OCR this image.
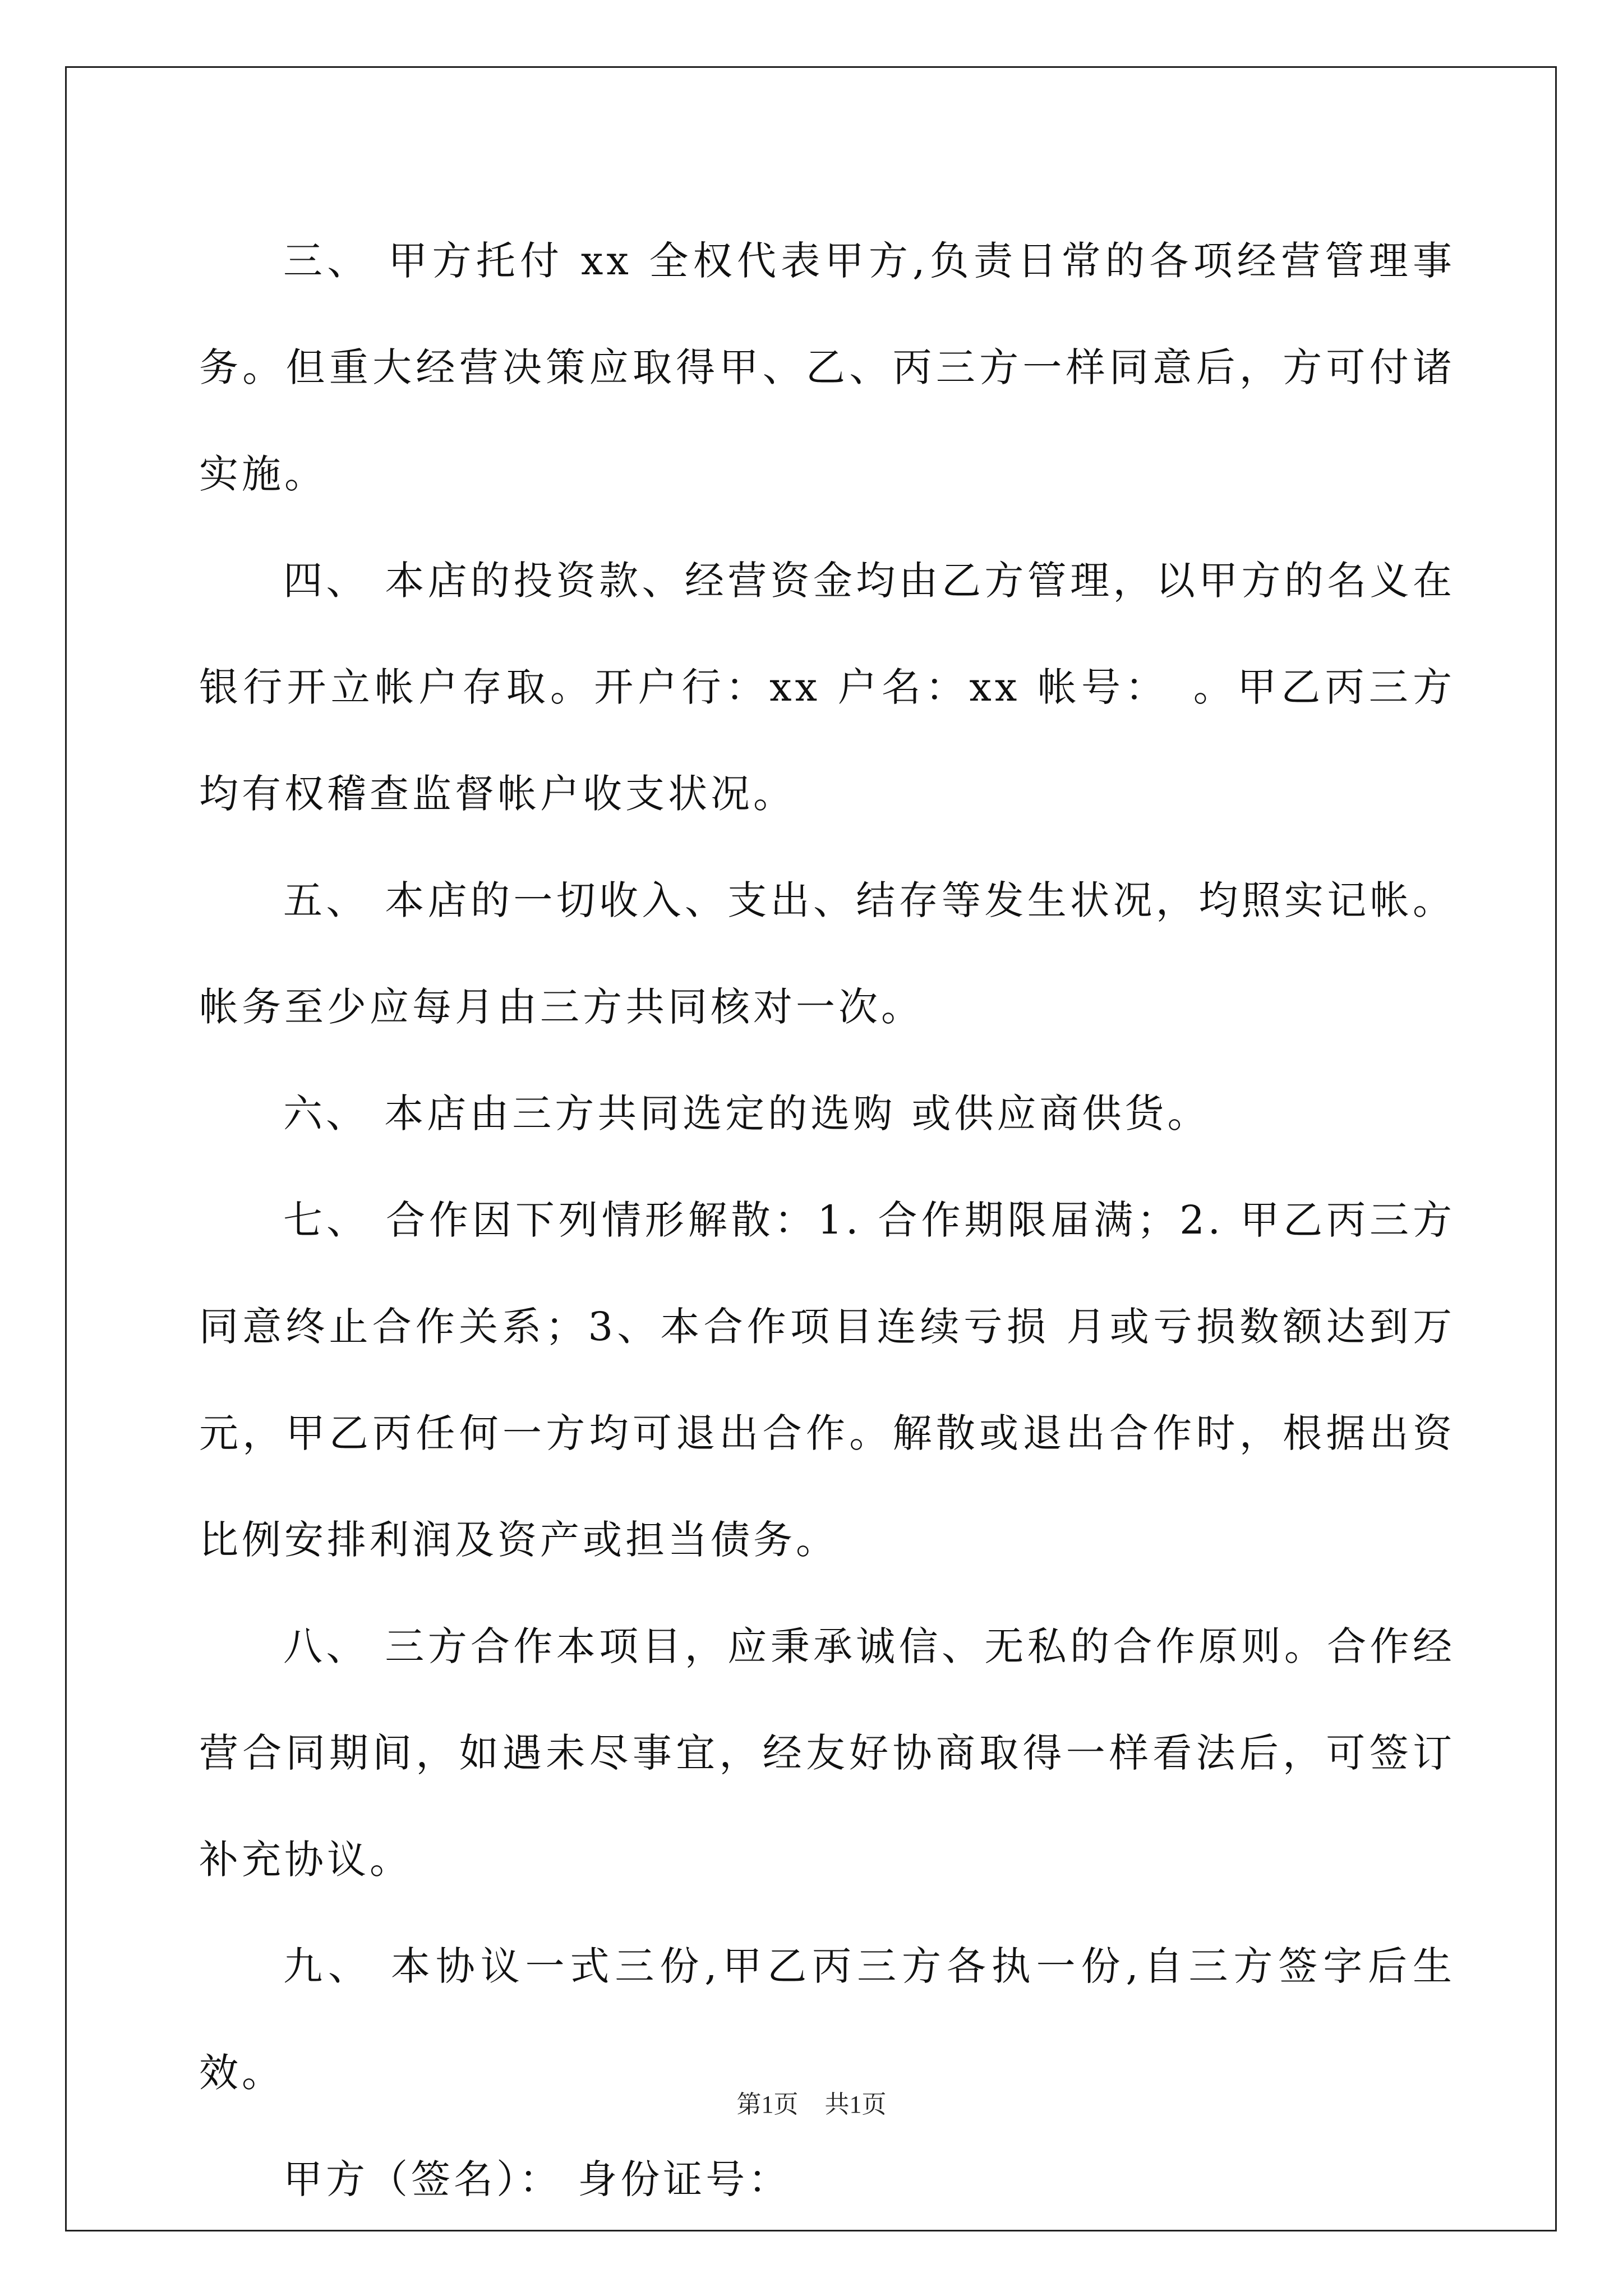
三、 甲方托付 xx 全权代表甲方,负责日常的各项经营管理事务。但重大经营决策应取得甲、乙、丙三方一样同意后，方可付诸实施。

四、 本店的投资款、经营资金均由乙方管理，以甲方的名义在银行开立帐户存取。开户行：xx 户名：xx 帐号：　。甲乙丙三方均有权稽查监督帐户收支状况。

五、 本店的一切收入、支出、结存等发生状况，均照实记帐。帐务至少应每月由三方共同核对一次。

六、 本店由三方共同选定的选购 或供应商供货。

七、 合作因下列情形解散：1. 合作期限届满；2. 甲乙丙三方同意终止合作关系；3、本合作项目连续亏损 月或亏损数额达到万元，甲乙丙任何一方均可退出合作。解散或退出合作时，根据出资比例安排利润及资产或担当债务。

八、 三方合作本项目，应秉承诚信、无私的合作原则。合作经营合同期间，如遇未尽事宜，经友好协商取得一样看法后，可签订补充协议。

九、 本协议一式三份,甲乙丙三方各执一份,自三方签字后生效。

甲方（签名）： 身份证号：

第1页 共1页
